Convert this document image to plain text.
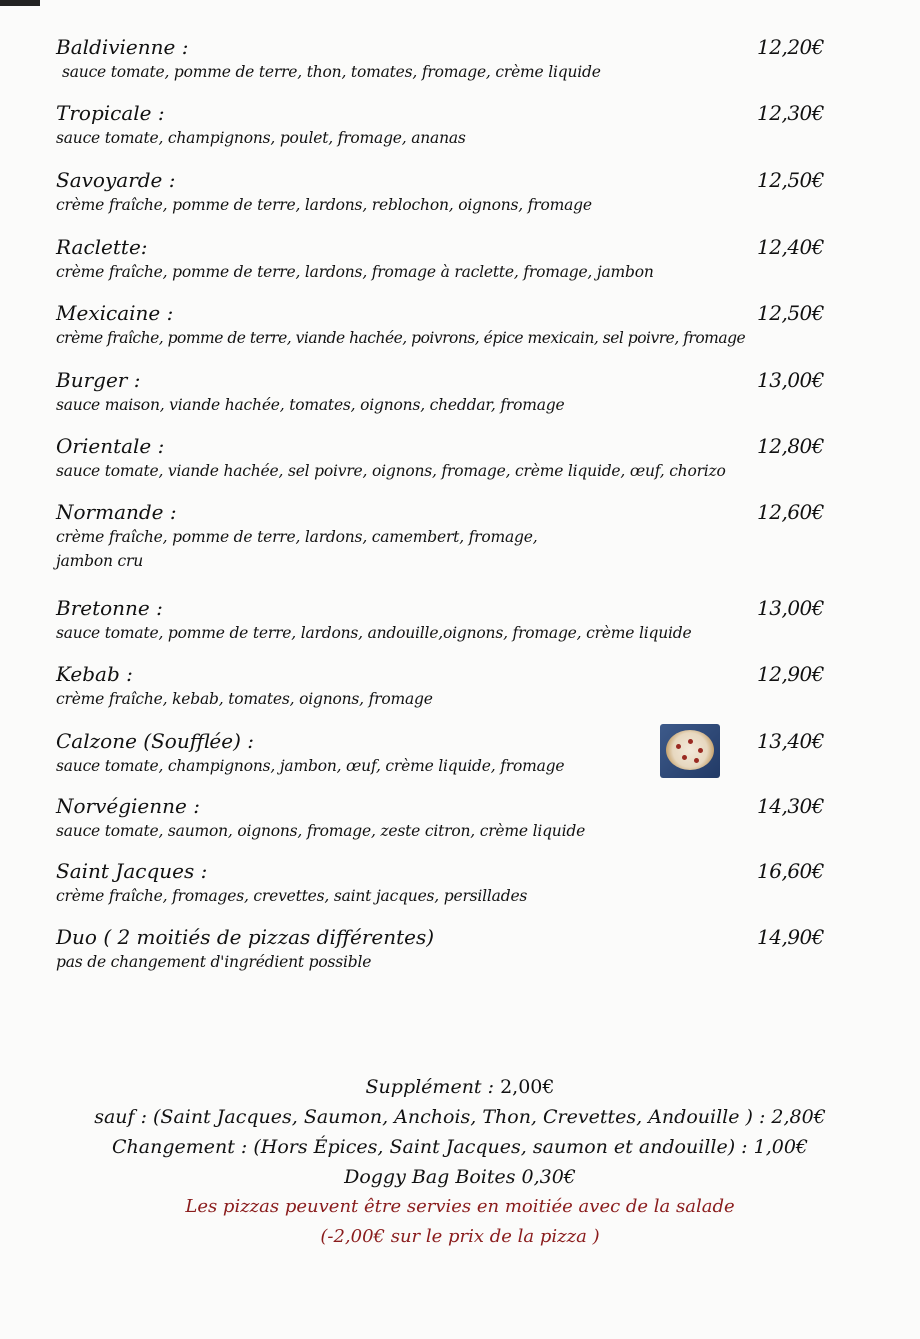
Baldivienne :	12,20€
sauce tomate, pomme de terre, thon, tomates, fromage, crème liquide
Tropicale :	12,30€
sauce tomate, champignons, poulet, fromage, ananas
Savoyarde :	12,50€
crème fraîche, pomme de terre, lardons, reblochon, oignons, fromage
Raclette:	12,40€
crème fraîche, pomme de terre, lardons, fromage à raclette, fromage, jambon
Mexicaine :	12,50€
crème fraîche, pomme de terre, viande hachée, poivrons, épice mexicain, sel poivre, fromage
Burger :	13,00€
sauce maison, viande hachée, tomates, oignons, cheddar, fromage
Orientale :	12,80€
sauce tomate, viande hachée, sel poivre, oignons, fromage, crème liquide, œuf, chorizo
Normande :	12,60€
crème fraîche, pomme de terre, lardons, camembert, fromage,
jambon cru
Bretonne :	13,00€
sauce tomate, pomme de terre, lardons, andouille,oignons, fromage, crème liquide
Kebab :	12,90€
crème fraîche, kebab, tomates, oignons, fromage
Calzone (Soufflée) :	13,40€
sauce tomate, champignons, jambon, œuf, crème liquide, fromage
Norvégienne :	14,30€
sauce tomate, saumon, oignons, fromage, zeste citron, crème liquide
Saint Jacques :	16,60€
crème fraîche, fromages, crevettes, saint jacques, persillades
Duo ( 2 moitiés de pizzas différentes)	14,90€
pas de changement d'ingrédient possible
Supplément : 2,00€
sauf : (Saint Jacques, Saumon, Anchois, Thon, Crevettes, Andouille ) : 2,80€
Changement : (Hors Épices, Saint Jacques, saumon et andouille) : 1,00€
Doggy Bag Boites 0,30€
Les pizzas peuvent être servies en moitiée avec de la salade
(-2,00€ sur le prix de la pizza )
